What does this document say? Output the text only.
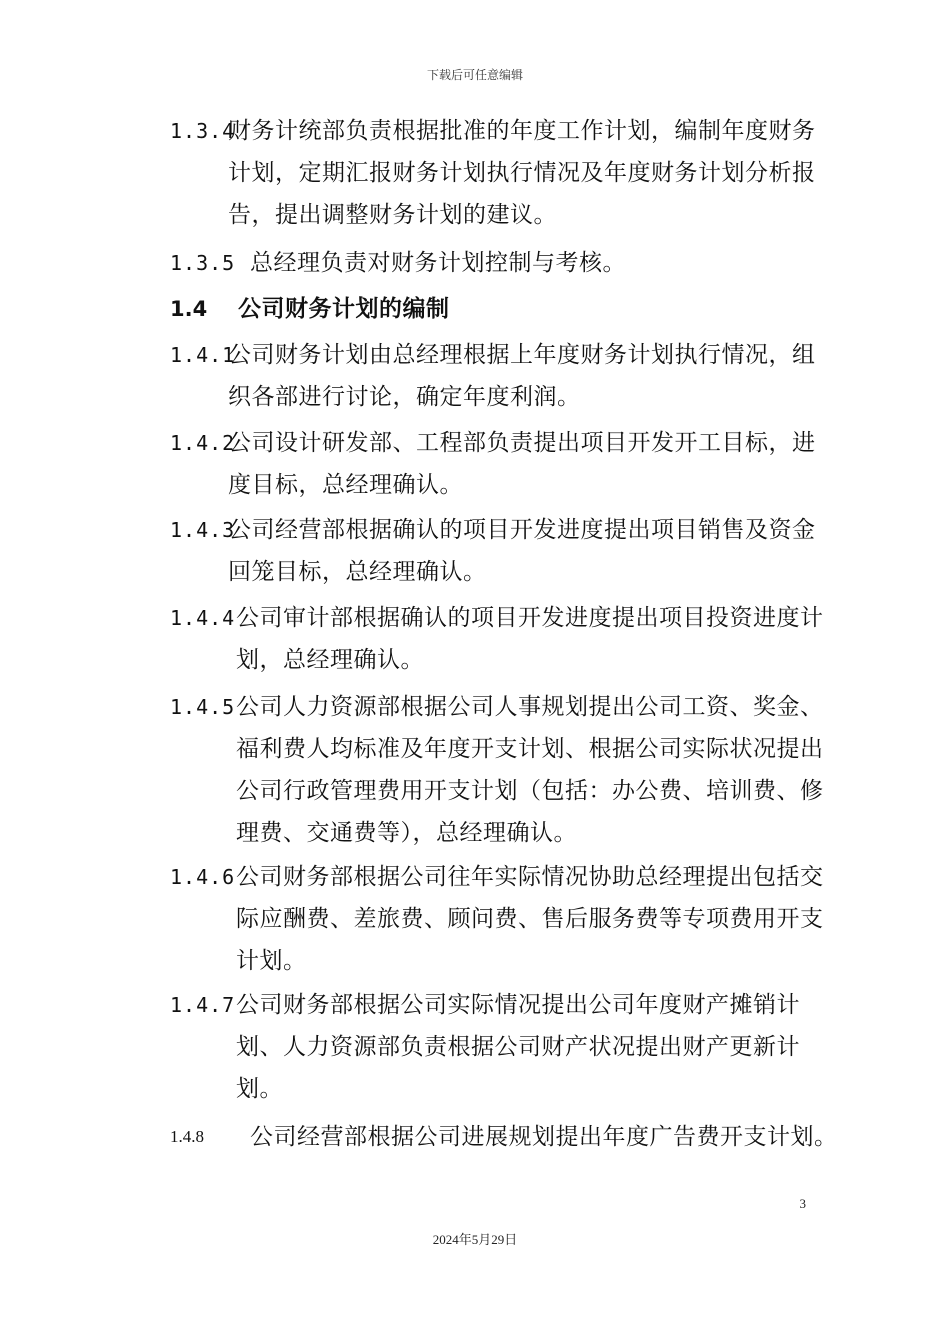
下载后可任意编辑
1.3.4
财务计统部负责根据批准的年度工作计划，编制年度财务计划，定期汇报财务计划执行情况及年度财务计划分析报告，提出调整财务计划的建议。
1.3.5 总经理负责对财务计划控制与考核。
1.4	公司财务计划的编制
1.4.1
公司财务计划由总经理根据上年度财务计划执行情况，组织各部进行讨论，确定年度利润。
1.4.2
公司设计研发部、工程部负责提出项目开发开工目标，进度目标，总经理确认。
1.4.3
公司经营部根据确认的项目开发进度提出项目销售及资金回笼目标，总经理确认。
1.4.4 公司审计部根据确认的项目开发进度提出项目投资进度计划，总经理确认。
1.4.5 公司人力资源部根据公司人事规划提出公司工资、奖金、福利费人均标准及年度开支计划、根据公司实际状况提出公司行政管理费用开支计划（包括：办公费、培训费、修理费、交通费等），总经理确认。
1.4.6 公司财务部根据公司往年实际情况协助总经理提出包括交际应酬费、差旅费、顾问费、售后服务费等专项费用开支计划。
1.4.7 公司财务部根据公司实际情况提出公司年度财产摊销计划、人力资源部负责根据公司财产状况提出财产更新计划。
1.4.8	公司经营部根据公司进展规划提出年度广告费开支计划。
3
2024年5月29日
